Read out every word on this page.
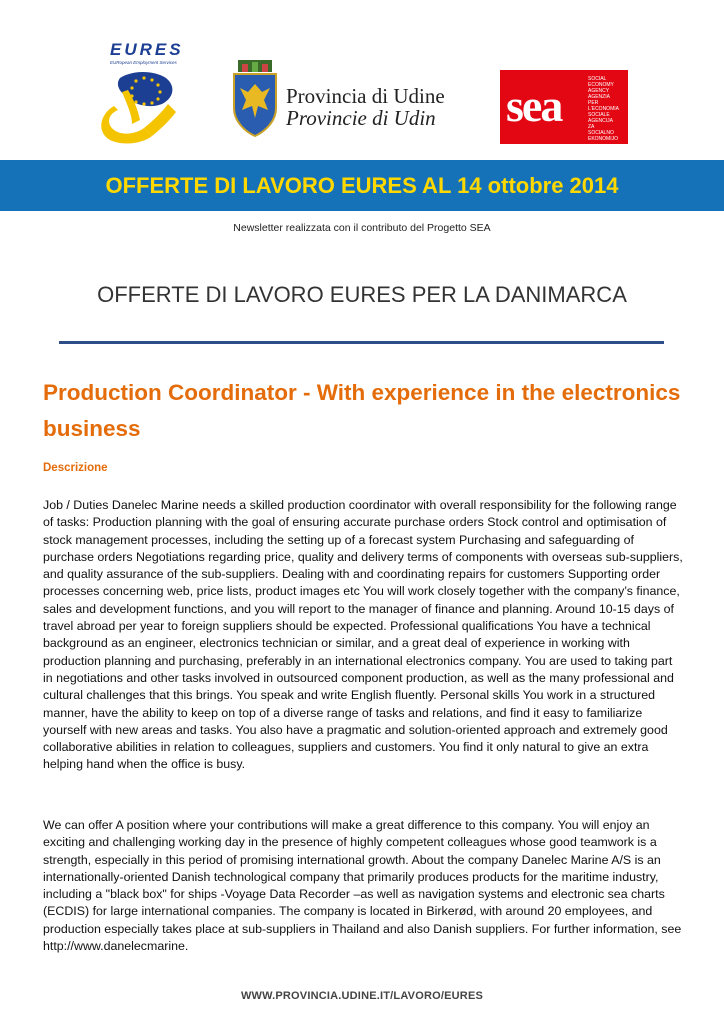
EURES
EURopean Employment Services
Provincia di Udine
Provincie di Udin sea
SOCIAL
ECONOMY
AGENCY
AGENZIA
PER
L'ECONOMIA
SOCIALE
AGENCIJA
ZA
SOCIALNO
EKONOMIJO
OFFERTE DI LAVORO EURES AL 14 ottobre 2014
Newsletter realizzata con il contributo del Progetto SEA
OFFERTE DI LAVORO EURES PER LA DANIMARCA
Production Coordinator - With experience in the electronics business
Descrizione
Job / Duties Danelec Marine needs a skilled production coordinator with overall responsibility for the following range of tasks: Production planning with the goal of ensuring accurate purchase orders Stock control and optimisation of stock management processes, including the setting up of a forecast system Purchasing and safeguarding of purchase orders Negotiations regarding price, quality and delivery terms of components with overseas sub-suppliers, and quality assurance of the sub-suppliers. Dealing with and coordinating repairs for customers Supporting order processes concerning web, price lists, product images etc You will work closely together with the company’s finance, sales and development functions, and you will report to the manager of finance and planning. Around 10-15 days of travel abroad per year to foreign suppliers should be expected. Professional qualifications You have a technical background as an engineer, electronics technician or similar, and a great deal of experience in working with production planning and purchasing, preferably in an international electronics company. You are used to taking part in negotiations and other tasks involved in outsourced component production, as well as the many professional and cultural challenges that this brings. You speak and write English fluently. Personal skills You work in a structured manner, have the ability to keep on top of a diverse range of tasks and relations, and find it easy to familiarize yourself with new areas and tasks. You also have a pragmatic and solution-oriented approach and extremely good collaborative abilities in relation to colleagues, suppliers and customers. You find it only natural to give an extra helping hand when the office is busy.
We can offer A position where your contributions will make a great difference to this company. You will enjoy an exciting and challenging working day in the presence of highly competent colleagues whose good teamwork is a strength, especially in this period of promising international growth. About the company Danelec Marine A/S is an internationally-oriented Danish technological company that primarily produces products for the maritime industry, including a "black box" for ships -Voyage Data Recorder –as well as navigation systems and electronic sea charts (ECDIS) for large international companies. The company is located in Birkerød, with around 20 employees, and production especially takes place at sub-suppliers in Thailand and also Danish suppliers. For further information, see http://www.danelecmarine.
WWW.PROVINCIA.UDINE.IT/LAVORO/EURES
